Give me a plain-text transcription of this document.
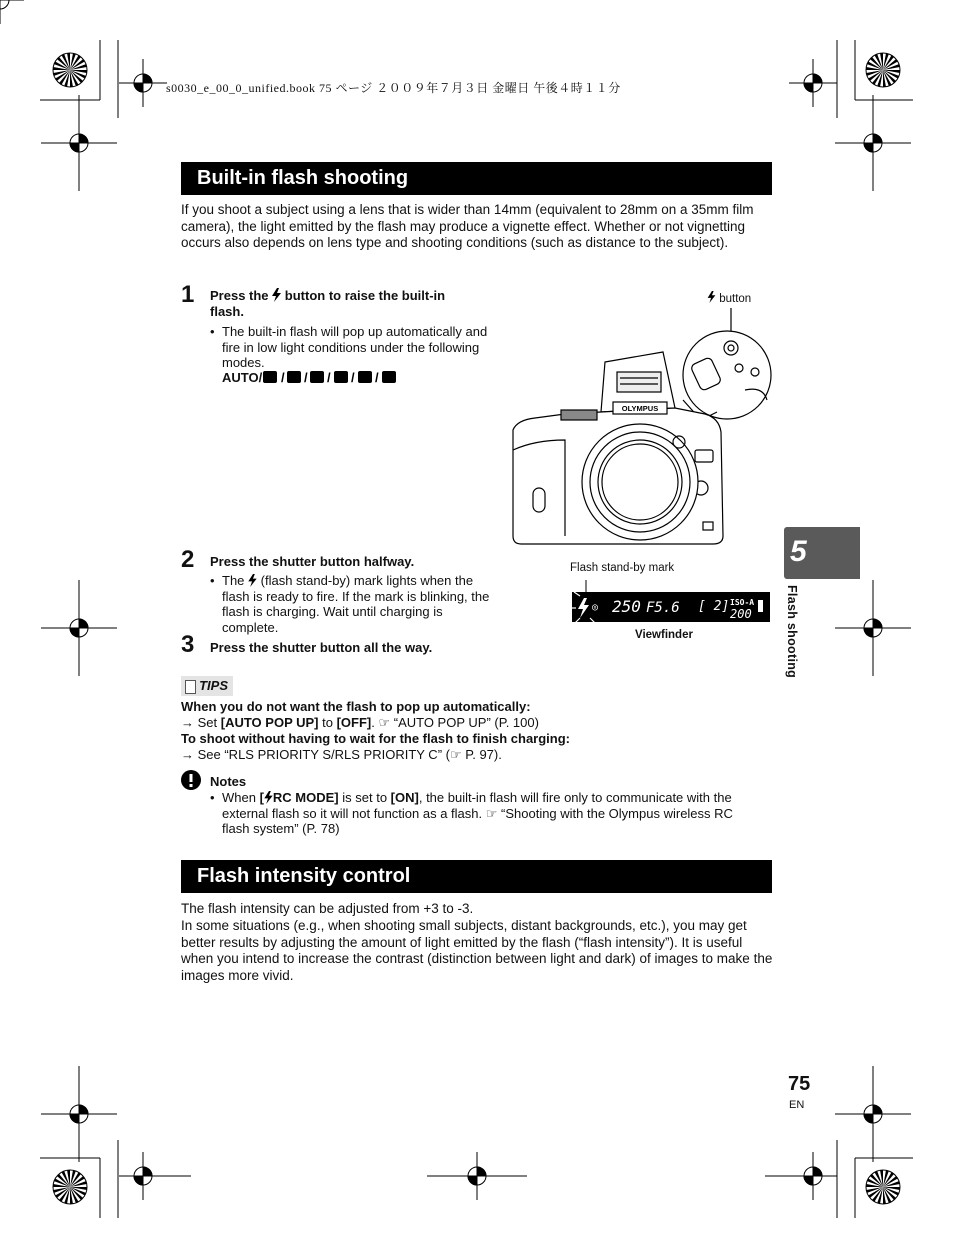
s0030_e_00_0_unified.book 75 ページ ２００９年７月３日 金曜日 午後４時１１分
Built-in flash shooting
If you shoot a subject using a lens that is wider than 14mm (equivalent to 28mm on a 35mm film camera), the light emitted by the flash may produce a vignette effect. Whether or not vignetting occurs also depends on lens type and shooting conditions (such as distance to the subject).
1 Press the button to raise the built-in
flash.
• The built-in flash will pop up automatically and fire in low light conditions under the following modes.
AUTO/ / / / / /
button
OLYMPUS
2 Press the shutter button halfway.
• The (flash stand-by) mark lights when the
flash is ready to fire. If the mark is blinking, the
flash is charging. Wait until charging is
complete.
Flash stand-by mark
◎ 250 F5.6 [ 2] ISO-A
200
Viewfinder
3 Press the shutter button all the way.
TIPS
When you do not want the flash to pop up automatically:
→ Set [AUTO POP UP] to [OFF]. ☞ “AUTO POP UP” (P. 100)
To shoot without having to wait for the flash to finish charging:
→ See “RLS PRIORITY S/RLS PRIORITY C” (☞ P. 97).
Notes
• When [ RC MODE] is set to [ON], the built-in flash will fire only to communicate with the
external flash so it will not function as a flash. ☞ “Shooting with the Olympus wireless RC
flash system” (P. 78)
Flash intensity control
The flash intensity can be adjusted from +3 to -3.
In some situations (e.g., when shooting small subjects, distant backgrounds, etc.), you may get better results by adjusting the amount of light emitted by the flash (“flash intensity”). It is useful when you intend to increase the contrast (distinction between light and dark) of images to make the images more vivid.
5
Flash shooting
75
EN
